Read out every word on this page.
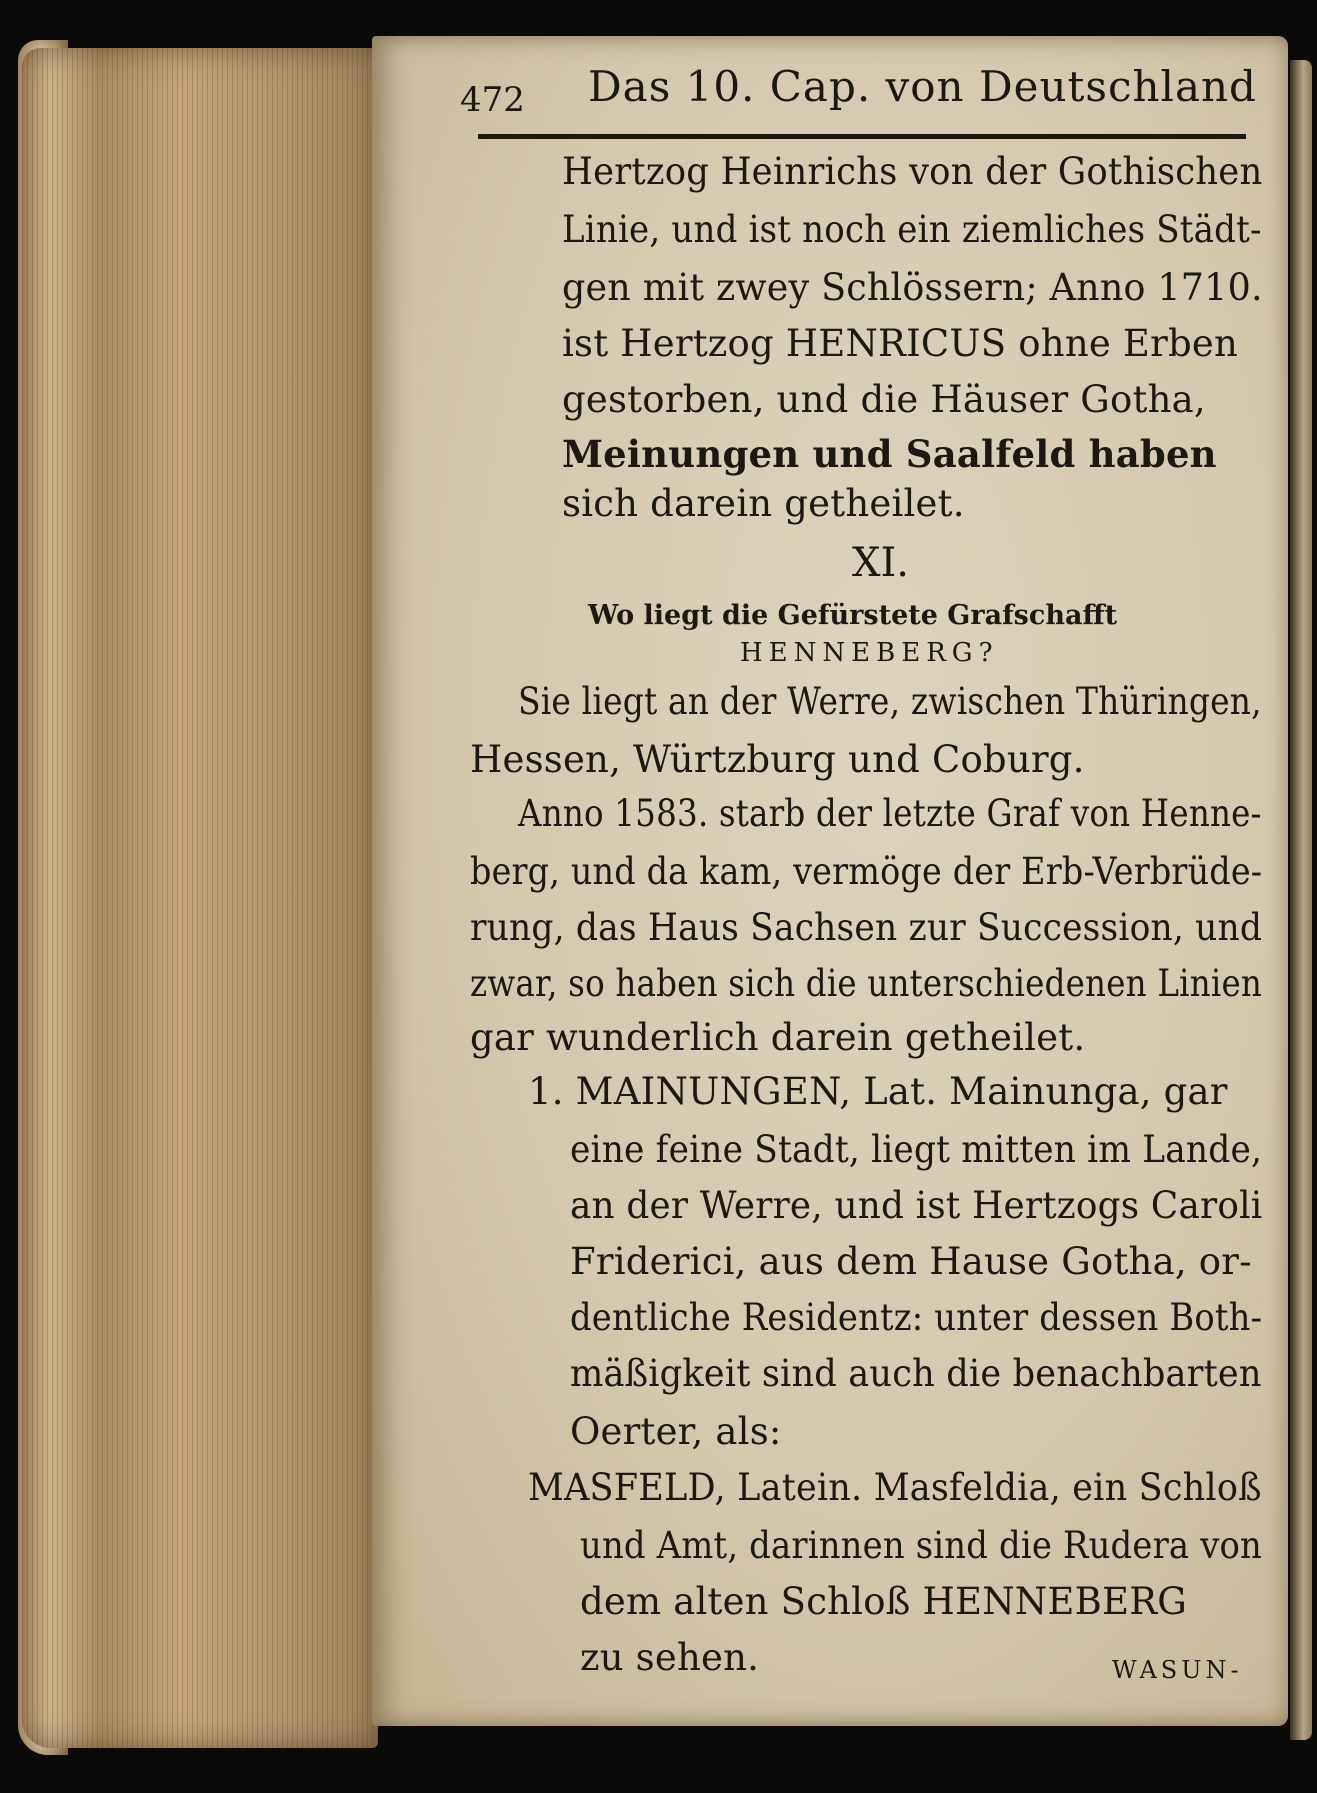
472 Das 10. Cap. von Deutschland
Hertzog Heinrichs von der Gothischen
Linie, und ist noch ein ziemliches Städt-
gen mit zwey Schlössern; Anno 1710.
ist Hertzog HENRICUS ohne Erben
gestorben, und die Häuser Gotha,
Meinungen und Saalfeld haben
sich darein getheilet.
XI.
Wo liegt die Gefürstete Grafschafft
HENNEBERG?
Sie liegt an der Werre, zwischen Thüringen,
Hessen, Würtzburg und Coburg.
Anno 1583. starb der letzte Graf von Henne-
berg, und da kam, vermöge der Erb-Verbrüde-
rung, das Haus Sachsen zur Succession, und
zwar, so haben sich die unterschiedenen Linien
gar wunderlich darein getheilet.
1. MAINUNGEN, Lat. Mainunga, gar
eine feine Stadt, liegt mitten im Lande,
an der Werre, und ist Hertzogs Caroli
Friderici, aus dem Hause Gotha, or-
dentliche Residentz: unter dessen Both-
mäßigkeit sind auch die benachbarten
Oerter, als:
MASFELD, Latein. Masfeldia, ein Schloß
und Amt, darinnen sind die Rudera von
dem alten Schloß HENNEBERG
zu sehen.	WASUN-
